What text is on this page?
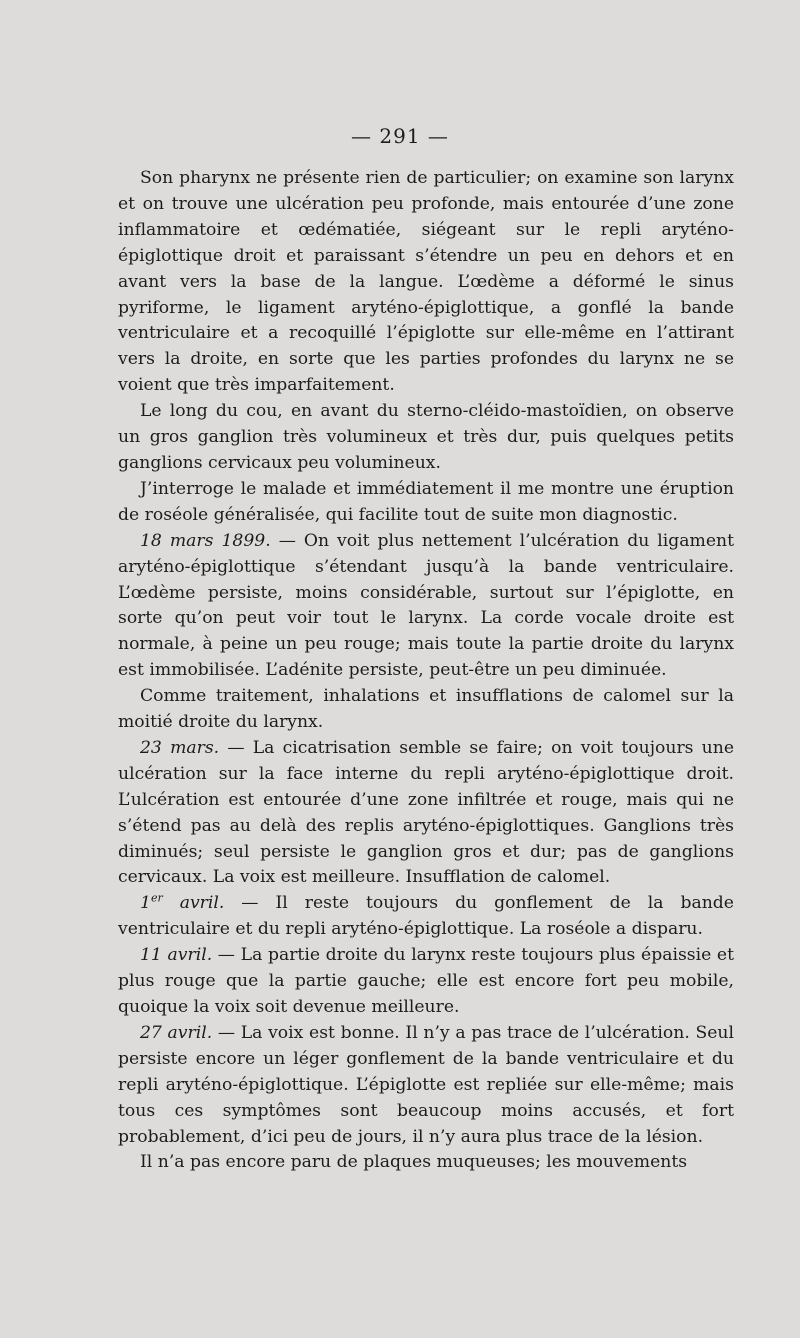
— 291 —

Son pharynx ne présente rien de particulier; on examine son larynx et on trouve une ulcération peu profonde, mais entourée d’une zone inflammatoire et œdématiée, siégeant sur le repli aryténo-épiglottique droit et paraissant s’étendre un peu en dehors et en avant vers la base de la langue. L’œdème a déformé le sinus pyriforme, le ligament aryténo-épiglottique, a gonflé la bande ventriculaire et a recoquillé l’épiglotte sur elle-même en l’attirant vers la droite, en sorte que les parties profondes du larynx ne se voient que très imparfaitement.

Le long du cou, en avant du sterno-cléido-mastoïdien, on observe un gros ganglion très volumineux et très dur, puis quelques petits ganglions cervicaux peu volumineux.

J’interroge le malade et immédiatement il me montre une éruption de roséole généralisée, qui facilite tout de suite mon diagnostic.

18 mars 1899. — On voit plus nettement l’ulcération du ligament aryténo-épiglottique s’étendant jusqu’à la bande ventriculaire. L’œdème persiste, moins considérable, surtout sur l’épiglotte, en sorte qu’on peut voir tout le larynx. La corde vocale droite est normale, à peine un peu rouge; mais toute la partie droite du larynx est immobilisée. L’adénite persiste, peut-être un peu diminuée.

Comme traitement, inhalations et insufflations de calomel sur la moitié droite du larynx.

23 mars. — La cicatrisation semble se faire; on voit toujours une ulcération sur la face interne du repli aryténo-épiglottique droit. L’ulcération est entourée d’une zone infiltrée et rouge, mais qui ne s’étend pas au delà des replis aryténo-épiglottiques. Ganglions très diminués; seul persiste le ganglion gros et dur; pas de ganglions cervicaux. La voix est meilleure. Insufflation de calomel.

1er avril. — Il reste toujours du gonflement de la bande ventriculaire et du repli aryténo-épiglottique. La roséole a disparu.

11 avril. — La partie droite du larynx reste toujours plus épaissie et plus rouge que la partie gauche; elle est encore fort peu mobile, quoique la voix soit devenue meilleure.

27 avril. — La voix est bonne. Il n’y a pas trace de l’ulcération. Seul persiste encore un léger gonflement de la bande ventriculaire et du repli aryténo-épiglottique. L’épiglotte est repliée sur elle-même; mais tous ces symptômes sont beaucoup moins accusés, et fort probablement, d’ici peu de jours, il n’y aura plus trace de la lésion.

Il n’a pas encore paru de plaques muqueuses; les mouvements
